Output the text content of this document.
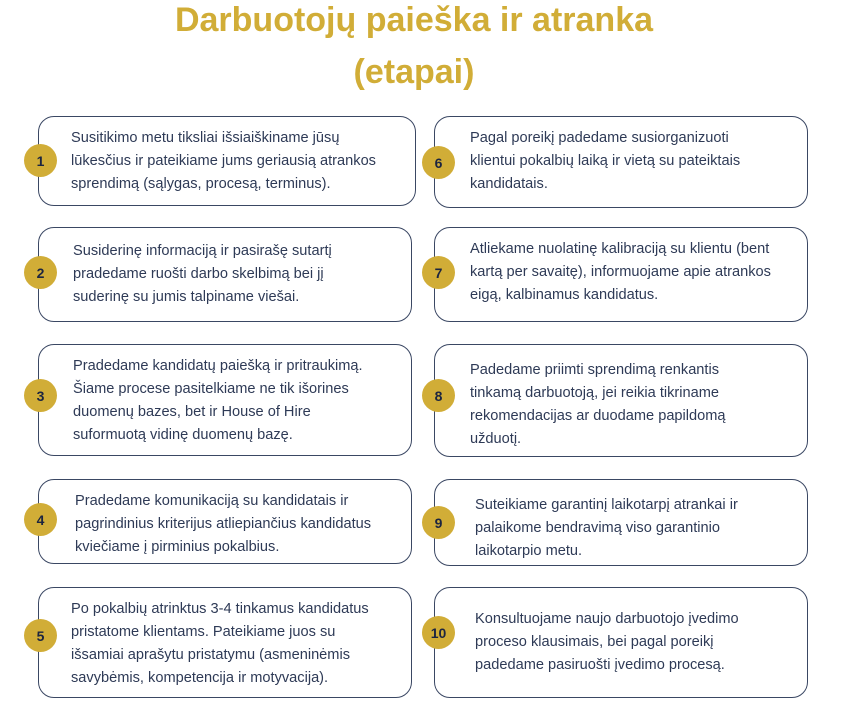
Darbuotojų paieška ir atranka
(etapai)
Susitikimo metu tiksliai išsiaiškiname jūsų
lūkesčius ir pateikiame jums geriausią atrankos
sprendimą (sąlygas, procesą, terminus).
1
Susiderinę informaciją ir pasirašę sutartį
pradedame ruošti darbo skelbimą bei jį
suderinę su jumis talpiname viešai.
2
Pradedame kandidatų paiešką ir pritraukimą.
Šiame procese pasitelkiame ne tik išorines
duomenų bazes, bet ir House of Hire
suformuotą vidinę duomenų bazę.
3
Pradedame komunikaciją su kandidatais ir
pagrindinius kriterijus atliepiančius kandidatus
kviečiame į pirminius pokalbius.
4
Po pokalbių atrinktus 3-4 tinkamus kandidatus
pristatome klientams. Pateikiame juos su
išsamiai aprašytu pristatymu (asmeninėmis
savybėmis, kompetencija ir motyvacija).
5
Pagal poreikį padedame susiorganizuoti
klientui pokalbių laiką ir vietą su pateiktais
kandidatais.
6
Atliekame nuolatinę kalibraciją su klientu (bent
kartą per savaitę), informuojame apie atrankos
eigą, kalbinamus kandidatus.
7
Padedame priimti sprendimą renkantis
tinkamą darbuotoją, jei reikia tikriname
rekomendacijas ar duodame papildomą
užduotį.
8
Suteikiame garantinį laikotarpį atrankai ir
palaikome bendravimą viso garantinio
laikotarpio metu.
9
Konsultuojame naujo darbuotojo įvedimo
proceso klausimais, bei pagal poreikį
padedame pasiruošti įvedimo procesą.
10
